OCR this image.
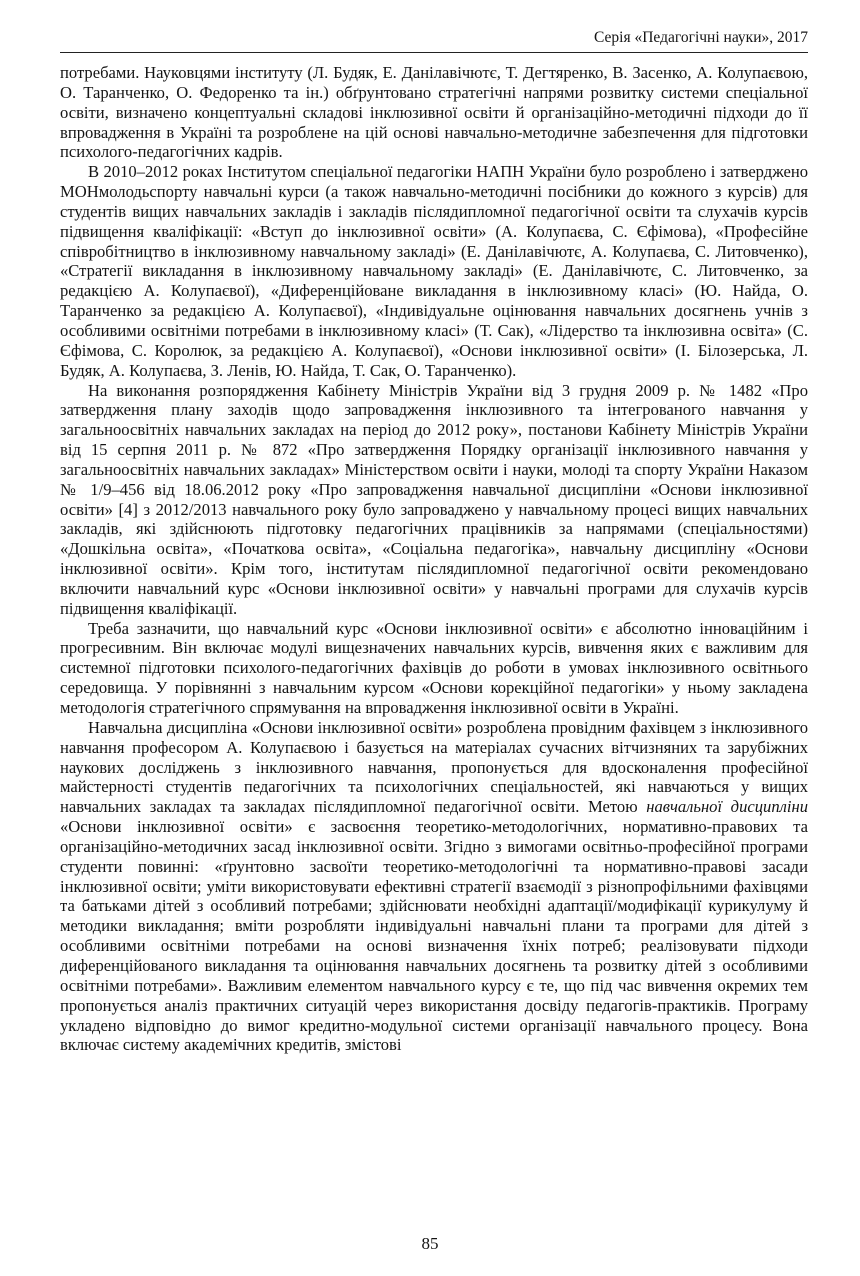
Серія «Педагогічні науки», 2017

потребами. Науковцями інституту (Л. Будяк, Е. Данілавічютє, Т. Дегтяренко, В. Засенко, А. Колупаєвою, О. Таранченко, О. Федоренко та ін.) обґрунтовано стратегічні напрями розвитку системи спеціальної освіти, визначено концептуальні складові інклюзивної освіти й організаційно-методичні підходи до її впровадження в Україні та розроблене на цій основі навчально-методичне забезпечення для підготовки психолого-педагогічних кадрів.

В 2010–2012 роках Інститутом спеціальної педагогіки НАПН України було розроблено і затверджено МОНмолодьспорту навчальні курси (а також навчально-методичні посібники до кожного з курсів) для студентів вищих навчальних закладів і закладів післядипломної педагогічної освіти та слухачів курсів підвищення кваліфікації: «Вступ до інклюзивної освіти» (А. Колупаєва, С. Єфімова), «Професійне співробітництво в інклюзивному навчальному закладі» (Е. Данілавічютє, А. Колупаєва, С. Литовченко), «Стратегії викладання в інклюзивному навчальному закладі» (Е. Данілавічютє, С. Литовченко, за редакцією А. Колупаєвої), «Диференційоване викладання в інклюзивному класі» (Ю. Найда, О. Таранченко за редакцією А. Колупаєвої), «Індивідуальне оцінювання навчальних досягнень учнів з особливими освітніми потребами в інклюзивному класі» (Т. Сак), «Лідерство та інклюзивна освіта» (С. Єфімова, С. Королюк, за редакцією А. Колупаєвої), «Основи інклюзивної освіти» (І. Білозерська, Л. Будяк, А. Колупаєва, З. Ленів, Ю. Найда, Т. Сак, О. Таранченко).

На виконання розпорядження Кабінету Міністрів України від 3 грудня 2009 р. № 1482 «Про затвердження плану заходів щодо запровадження інклюзивного та інтегрованого навчання у загальноосвітніх навчальних закладах на період до 2012 року», постанови Кабінету Міністрів України від 15 серпня 2011 р. № 872 «Про затвердження Порядку організації інклюзивного навчання у загальноосвітніх навчальних закладах» Міністерством освіти і науки, молоді та спорту України Наказом № 1/9–456 від 18.06.2012 року «Про запровадження навчальної дисципліни «Основи інклюзивної освіти» [4] з 2012/2013 навчального року було запроваджено у навчальному процесі вищих навчальних закладів, які здійснюють підготовку педагогічних працівників за напрямами (спеціальностями) «Дошкільна освіта», «Початкова освіта», «Соціальна педагогіка», навчальну дисципліну «Основи інклюзивної освіти». Крім того, інститутам післядипломної педагогічної освіти рекомендовано включити навчальний курс «Основи інклюзивної освіти» у навчальні програми для слухачів курсів підвищення кваліфікації.

Треба зазначити, що навчальний курс «Основи інклюзивної освіти» є абсолютно інноваційним і прогресивним. Він включає модулі вищезначених навчальних курсів, вивчення яких є важливим для системної підготовки психолого-педагогічних фахівців до роботи в умовах інклюзивного освітнього середовища. У порівнянні з навчальним курсом «Основи корекційної педагогіки» у ньому закладена методологія стратегічного спрямування на впровадження інклюзивної освіти в Україні.

Навчальна дисципліна «Основи інклюзивної освіти» розроблена провідним фахівцем з інклюзивного навчання професором А. Колупаєвою і базується на матеріалах сучасних вітчизняних та зарубіжних наукових досліджень з інклюзивного навчання, пропонується для вдосконалення професійної майстерності студентів педагогічних та психологічних спеціальностей, які навчаються у вищих навчальних закладах та закладах післядипломної педагогічної освіти. Метою навчальної дисципліни «Основи інклюзивної освіти» є засвоєння теоретико-методологічних, нормативно-правових та організаційно-методичних засад інклюзивної освіти. Згідно з вимогами освітньо-професійної програми студенти повинні: «ґрунтовно засвоїти теоретико-методологічні та нормативно-правові засади інклюзивної освіти; уміти використовувати ефективні стратегії взаємодії з різнопрофільними фахівцями та батьками дітей з особливий потребами; здійснювати необхідні адаптації/модифікації курикулуму й методики викладання; вміти розробляти індивідуальні навчальні плани та програми для дітей з особливими освітніми потребами на основі визначення їхніх потреб; реалізовувати підходи диференційованого викладання та оцінювання навчальних досягнень та розвитку дітей з особливими освітніми потребами». Важливим елементом навчального курсу є те, що під час вивчення окремих тем пропонується аналіз практичних ситуацій через використання досвіду педагогів-практиків. Програму укладено відповідно до вимог кредитно-модульної системи організації навчального процесу. Вона включає систему академічних кредитів, змістові

85
